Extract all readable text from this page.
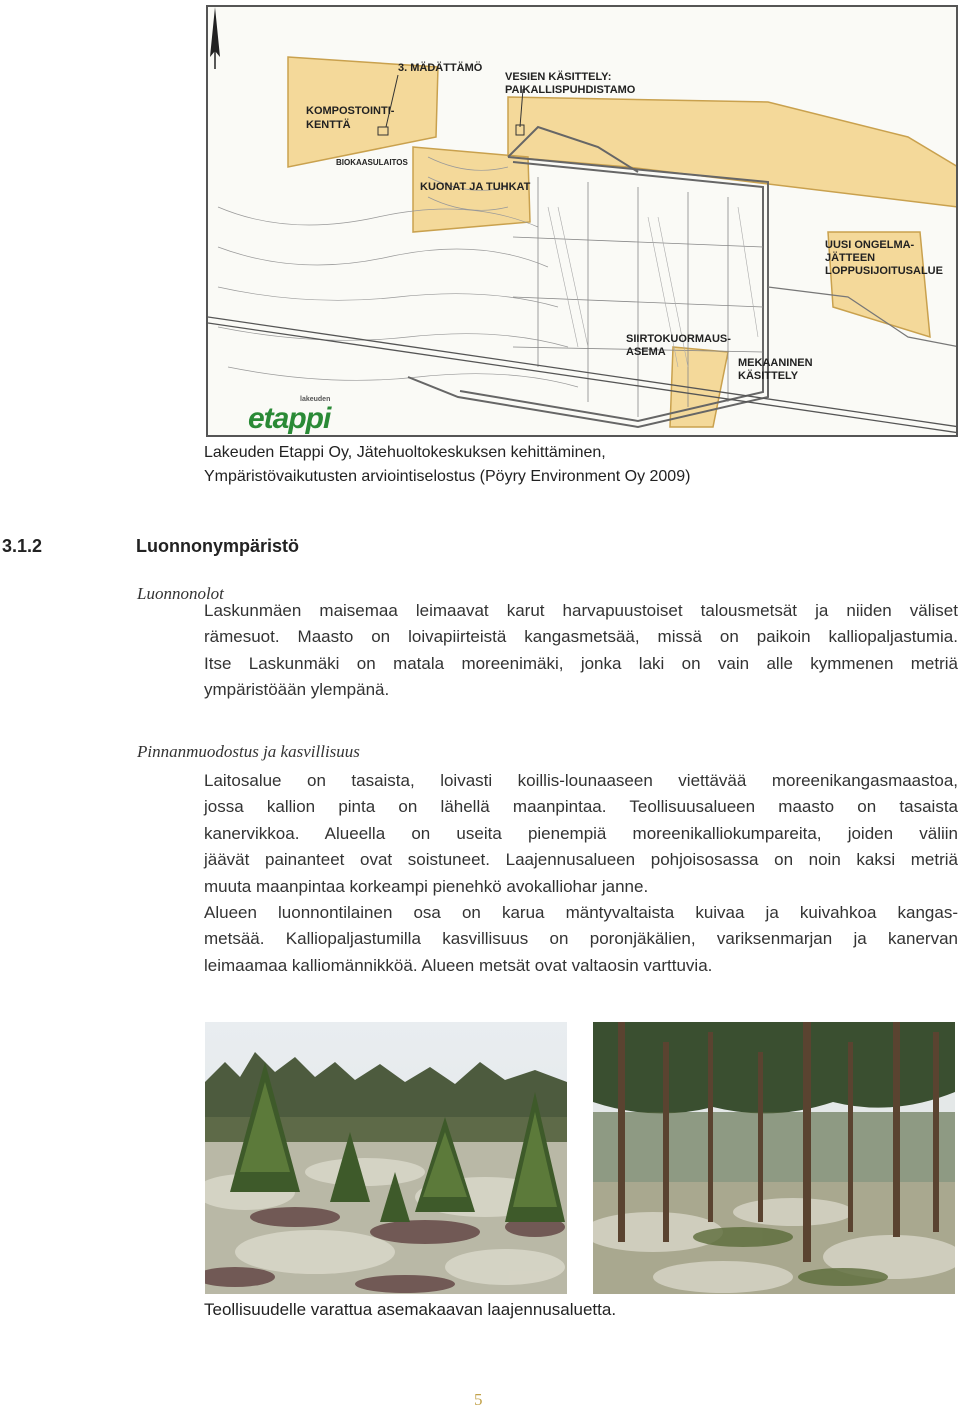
3. MÄDÄTTÄMÖ
VESIEN KÄSITTELY:
PAIKALLISPUHDISTAMO
KOMPOSTOINTI-
KENTTÄ
BIOKAASULAITOS
KUONAT JA TUHKAT
UUSI ONGELMA-
JÄTTEEN
LOPPUSIJOITUSALUE
SIIRTOKUORMAUS-
ASEMA
MEKAANINEN
KÄSITTELY
lakeuden
etappi
Lakeuden Etappi Oy, Jätehuoltokeskuksen kehittäminen,
Ympäristövaikutusten arviointiselostus (Pöyry Environment Oy 2009)
3.1.2	Luonnonympäristö
Luonnonolot
Laskunmäen maisemaa leimaavat karut harvapuustoiset talousmetsät ja niiden väliset
rämesuot. Maasto on loivapiirteistä kangasmetsää, missä on paikoin kalliopaljastumia.
Itse Laskunmäki on matala moreenimäki, jonka laki on vain alle kymmenen metriä
ympäristöään ylempänä.
Pinnanmuodostus ja kasvillisuus
Laitosalue on tasaista, loivasti koillis-lounaaseen viettävää moreenikangasmaastoa,
jossa kallion pinta on lähellä maanpintaa. Teollisuusalueen maasto on tasaista
kanervikkoa. Alueella on useita pienempiä moreenikalliokumpareita, joiden väliin
jäävät painanteet ovat soistuneet. Laajennusalueen pohjoisosassa on noin kaksi metriä
muuta maanpintaa korkeampi pienehkö avokalliohar janne.
Alueen luonnontilainen osa on karua mäntyvaltaista kuivaa ja kuivahkoa kangas-
metsää. Kalliopaljastumilla kasvillisuus on poronjäkälien, variksenmarjan ja kanervan
leimaamaa kalliomännikköä. Alueen metsät ovat valtaosin varttuvia.
Teollisuudelle varattua asemakaavan laajennusaluetta.
5
